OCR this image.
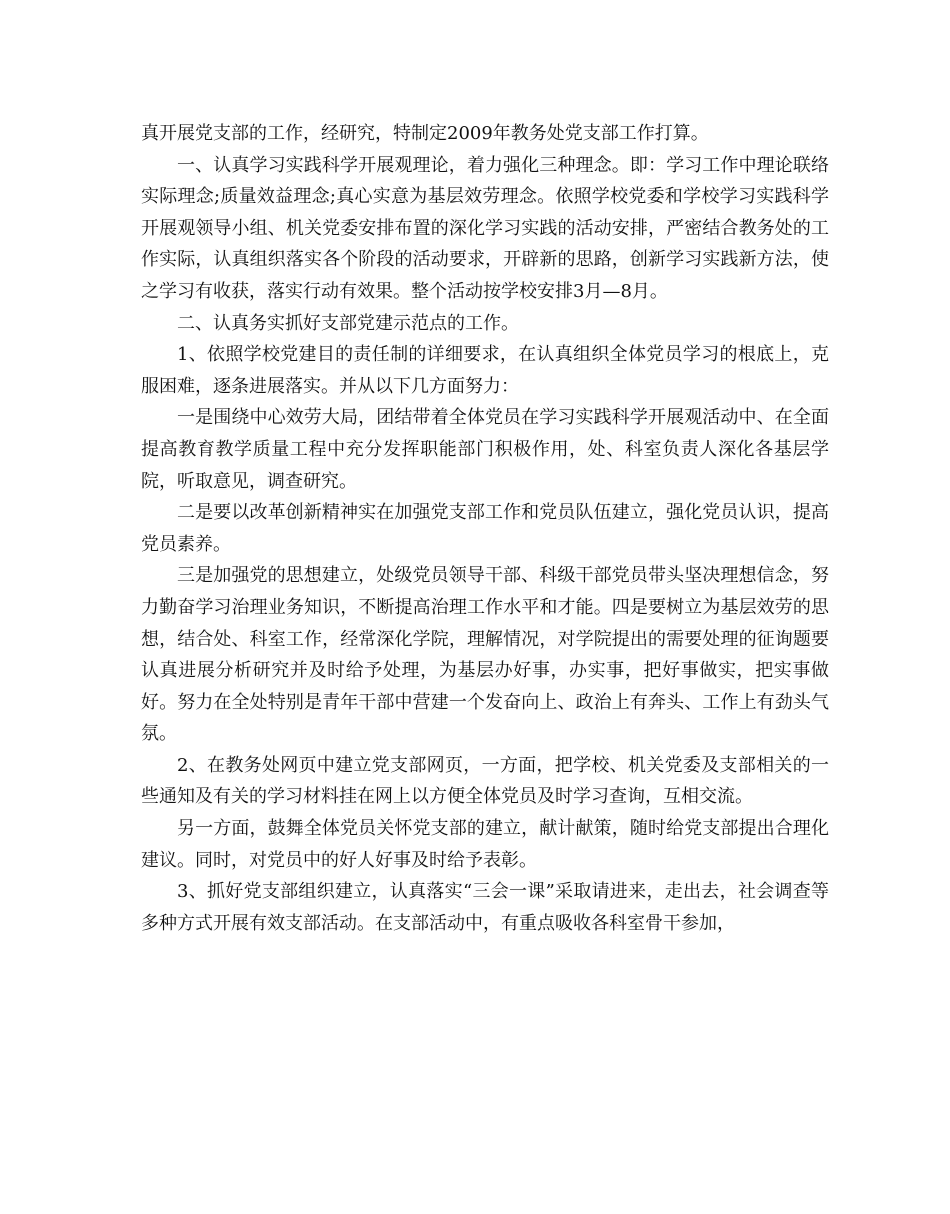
真开展党支部的工作，经研究，特制定2009年教务处党支部工作打算。

一、认真学习实践科学开展观理论，着力强化三种理念。即：学习工作中理论联络实际理念;质量效益理念;真心实意为基层效劳理念。依照学校党委和学校学习实践科学开展观领导小组、机关党委安排布置的深化学习实践的活动安排，严密结合教务处的工作实际，认真组织落实各个阶段的活动要求，开辟新的思路，创新学习实践新方法，使之学习有收获，落实行动有效果。整个活动按学校安排3月—8月。

二、认真务实抓好支部党建示范点的工作。

1、依照学校党建目的责任制的详细要求，在认真组织全体党员学习的根底上，克服困难，逐条进展落实。并从以下几方面努力：

一是围绕中心效劳大局，团结带着全体党员在学习实践科学开展观活动中、在全面提高教育教学质量工程中充分发挥职能部门积极作用，处、科室负责人深化各基层学院，听取意见，调查研究。

二是要以改革创新精神实在加强党支部工作和党员队伍建立，强化党员认识，提高党员素养。

三是加强党的思想建立，处级党员领导干部、科级干部党员带头坚决理想信念，努力勤奋学习治理业务知识，不断提高治理工作水平和才能。四是要树立为基层效劳的思想，结合处、科室工作，经常深化学院，理解情况，对学院提出的需要处理的征询题要认真进展分析研究并及时给予处理，为基层办好事，办实事，把好事做实，把实事做好。努力在全处特别是青年干部中营建一个发奋向上、政治上有奔头、工作上有劲头气氛。

2、在教务处网页中建立党支部网页，一方面，把学校、机关党委及支部相关的一些通知及有关的学习材料挂在网上以方便全体党员及时学习查询，互相交流。

另一方面，鼓舞全体党员关怀党支部的建立，献计献策，随时给党支部提出合理化建议。同时，对党员中的好人好事及时给予表彰。

3、抓好党支部组织建立，认真落实“三会一课”采取请进来，走出去，社会调查等多种方式开展有效支部活动。在支部活动中，有重点吸收各科室骨干参加，
